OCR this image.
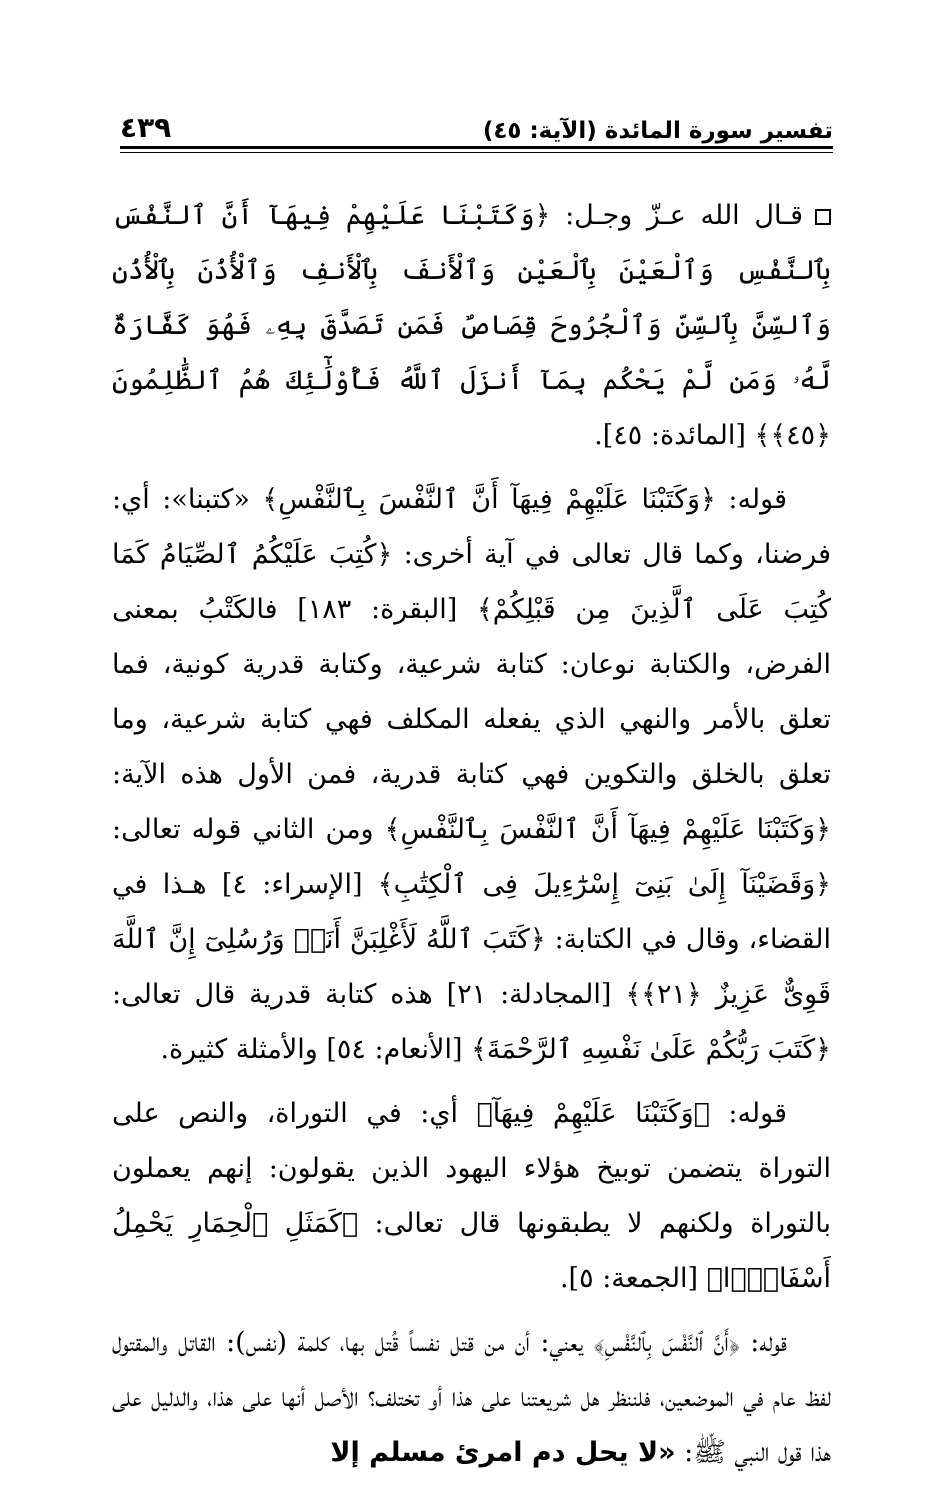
٤٣٩	تفسير سورة المائدة (الآية: ٤٥)

قـال الله عـزّ وجـل: ﴿وَكَتَبْنَا عَلَيْهِمْ فِيهَآ أَنَّ ٱلنَّفْسَ بِٱلنَّفْسِ وَٱلْعَيْنَ بِٱلْعَيْنِ وَٱلْأَنفَ بِٱلْأَنفِ وَٱلْأُذُنَ بِٱلْأُذُنِ وَٱلسِّنَّ بِٱلسِّنِّ وَٱلْجُرُوحَ قِصَاصٌ فَمَن تَصَدَّقَ بِهِۦ فَهُوَ كَفَّارَةٌ لَّهُۥ وَمَن لَّمْ يَحْكُم بِمَآ أَنزَلَ ٱللَّهُ فَأُوْلَٰٓئِكَ هُمُ ٱلظَّٰلِمُونَ ﴿٤٥﴾﴾ [المائدة: ٤٥].

قوله: ﴿وَكَتَبْنَا عَلَيْهِمْ فِيهَآ أَنَّ ٱلنَّفْسَ بِٱلنَّفْسِ﴾ «كتبنا»: أي: فرضنا، وكما قال تعالى في آية أخرى: ﴿كُتِبَ عَلَيْكُمُ ٱلصِّيَامُ كَمَا كُتِبَ عَلَى ٱلَّذِينَ مِن قَبْلِكُمْ﴾ [البقرة: ١٨٣] فالكَتْبُ بمعنى الفرض، والكتابة نوعان: كتابة شرعية، وكتابة قدرية كونية، فما تعلق بالأمر والنهي الذي يفعله المكلف فهي كتابة شرعية، وما تعلق بالخلق والتكوين فهي كتابة قدرية، فمن الأول هذه الآية: ﴿وَكَتَبْنَا عَلَيْهِمْ فِيهَآ أَنَّ ٱلنَّفْسَ بِٱلنَّفْسِ﴾ ومن الثاني قوله تعالى: ﴿وَقَضَيْنَآ إِلَىٰ بَنِىٓ إِسْرَٰٓءِيلَ فِى ٱلْكِتَٰبِ﴾ [الإسراء: ٤] هـذا في القضاء، وقال في الكتابة: ﴿كَتَبَ ٱللَّهُ لَأَغْلِبَنَّ أَنَا۠ وَرُسُلِىٓ إِنَّ ٱللَّهَ قَوِىٌّ عَزِيزٌ ﴿٢١﴾﴾ [المجادلة: ٢١] هذه كتابة قدرية قال تعالى: ﴿كَتَبَ رَبُّكُمْ عَلَىٰ نَفْسِهِ ٱلرَّحْمَةَ﴾ [الأنعام: ٥٤] والأمثلة كثيرة.

قوله: ﴿وَكَتَبْنَا عَلَيْهِمْ فِيهَآ﴾ أي: في التوراة، والنص على التوراة يتضمن توبيخ هؤلاء اليهود الذين يقولون: إنهم يعملون بالتوراة ولكنهم لا يطبقونها قال تعالى: ﴿كَمَثَلِ ٱلْحِمَارِ يَحْمِلُ أَسْفَارًۢا﴾ [الجمعة: ٥].

قوله: ﴿أَنَّ ٱلنَّفْسَ بِٱلنَّفْسِ﴾ يعني: أن من قتل نفساً قُتل بها، كلمة (نفس): القاتل والمقتول لفظ عام في الموضعين، فلننظر هل شريعتنا على هذا أو تختلف؟ الأصل أنها على هذا، والدليل على هذا قول النبي ﷺ: «لا يحل دم امرئ مسلم إلا
